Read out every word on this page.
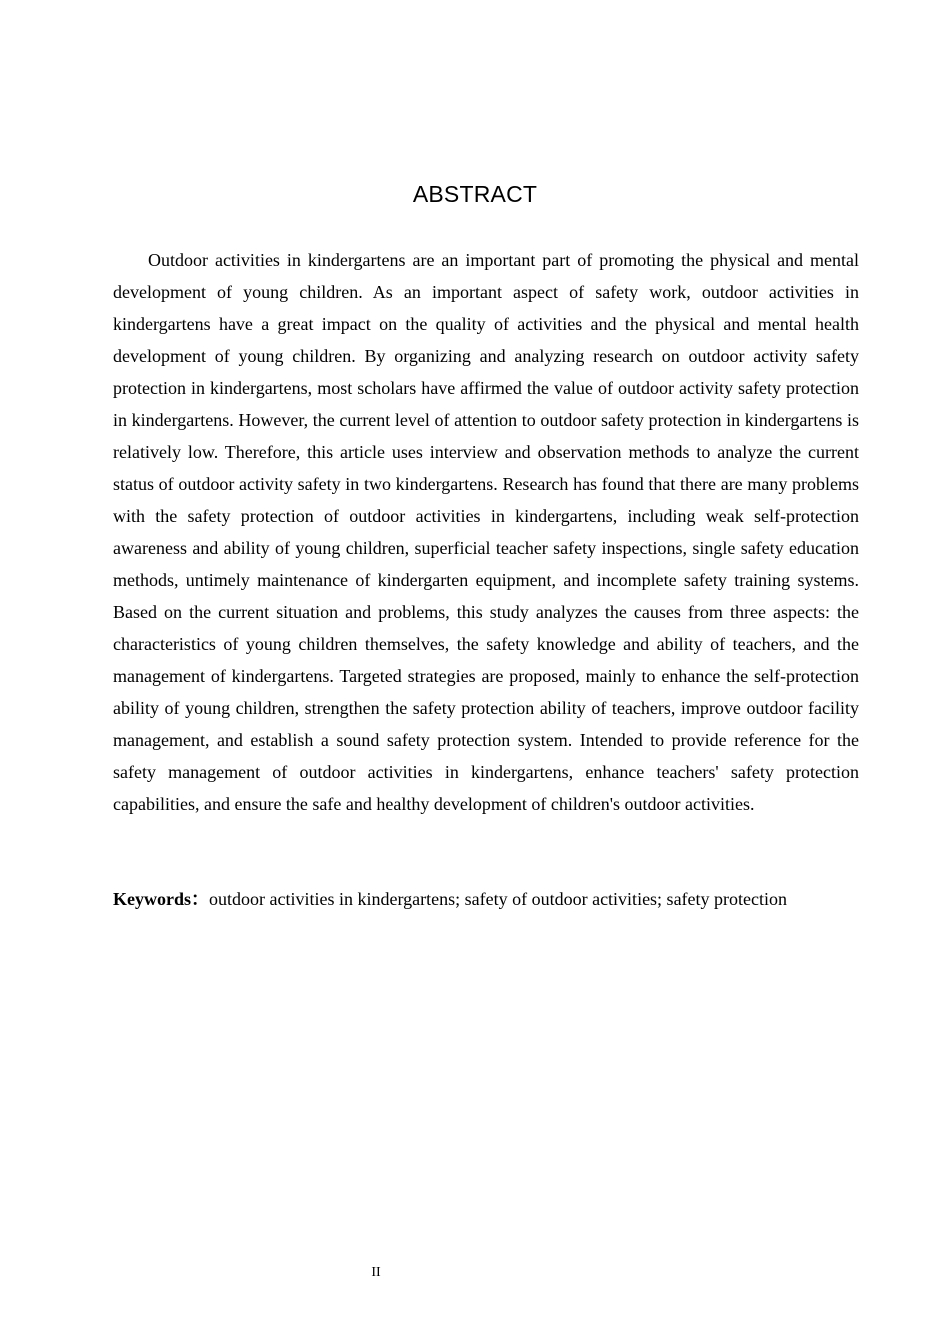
ABSTRACT

Outdoor activities in kindergartens are an important part of promoting the physical and mental development of young children. As an important aspect of safety work, outdoor activities in kindergartens have a great impact on the quality of activities and the physical and mental health development of young children. By organizing and analyzing research on outdoor activity safety protection in kindergartens, most scholars have affirmed the value of outdoor activity safety protection in kindergartens. However, the current level of attention to outdoor safety protection in kindergartens is relatively low. Therefore, this article uses interview and observation methods to analyze the current status of outdoor activity safety in two kindergartens. Research has found that there are many problems with the safety protection of outdoor activities in kindergartens, including weak self-protection awareness and ability of young children, superficial teacher safety inspections, single safety education methods, untimely maintenance of kindergarten equipment, and incomplete safety training systems. Based on the current situation and problems, this study analyzes the causes from three aspects: the characteristics of young children themselves, the safety knowledge and ability of teachers, and the management of kindergartens. Targeted strategies are proposed, mainly to enhance the self-protection ability of young children, strengthen the safety protection ability of teachers, improve outdoor facility management, and establish a sound safety protection system. Intended to provide reference for the safety management of outdoor activities in kindergartens, enhance teachers' safety protection capabilities, and ensure the safe and healthy development of children's outdoor activities.

Keywords：outdoor activities in kindergartens; safety of outdoor activities; safety protection

II
